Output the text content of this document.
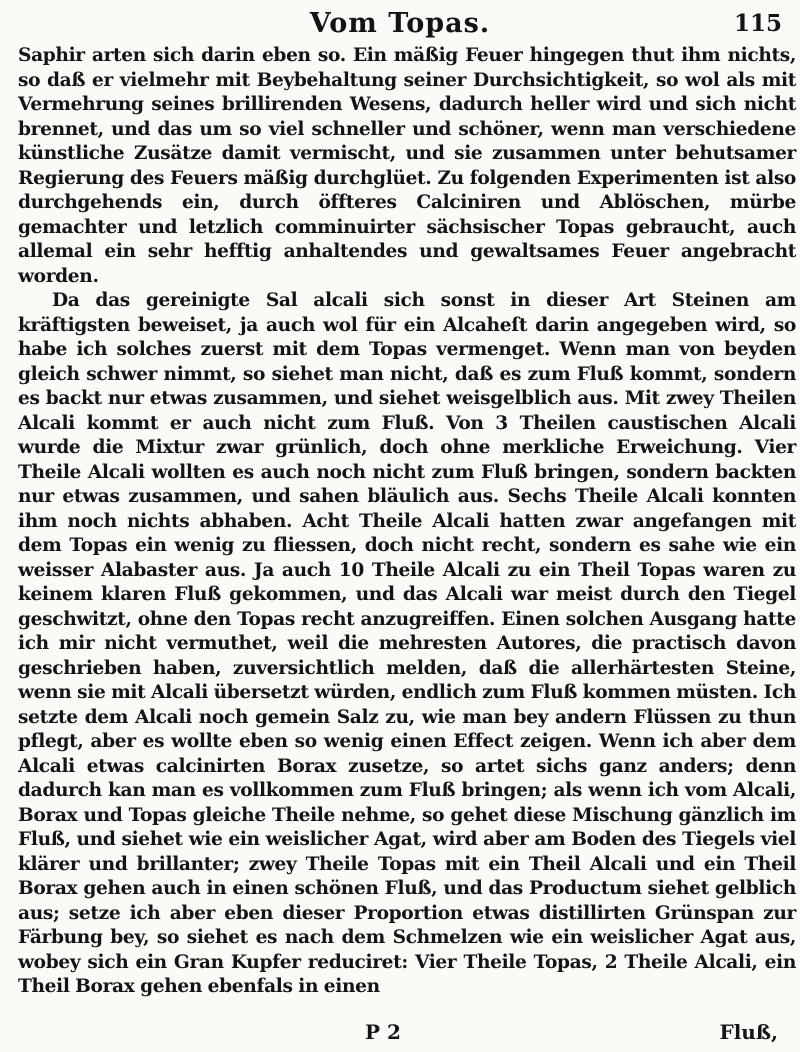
Vom Topas.	115

Saphir arten sich darin eben so. Ein mäßig Feuer hingegen thut ihm nichts, so daß er vielmehr mit Beybehaltung seiner Durchsichtigkeit, so wol als mit Vermehrung seines brillirenden Wesens, dadurch heller wird und sich nicht brennet, und das um so viel schneller und schöner, wenn man verschiedene künstliche Zusätze damit vermischt, und sie zusammen unter behutsamer Regierung des Feuers mäßig durchglüet. Zu folgenden Experimenten ist also durchgehends ein, durch öffteres Calciniren und Ablöschen, mürbe gemachter und letzlich comminuirter sächsischer Topas gebraucht, auch allemal ein sehr hefftig anhaltendes und gewaltsames Feuer angebracht worden.

Da das gereinigte Sal alcali sich sonst in dieser Art Steinen am kräftigsten beweiset, ja auch wol für ein Alcaheſt darin angegeben wird, so habe ich solches zuerst mit dem Topas vermenget. Wenn man von beyden gleich schwer nimmt, so siehet man nicht, daß es zum Fluß kommt, sondern es backt nur etwas zusammen, und siehet weisgelblich aus. Mit zwey Theilen Alcali kommt er auch nicht zum Fluß. Von 3 Theilen caustischen Alcali wurde die Mixtur zwar grünlich, doch ohne merkliche Erweichung. Vier Theile Alcali wollten es auch noch nicht zum Fluß bringen, sondern backten nur etwas zusammen, und sahen bläulich aus. Sechs Theile Alcali konnten ihm noch nichts abhaben. Acht Theile Alcali hatten zwar angefangen mit dem Topas ein wenig zu fliessen, doch nicht recht, sondern es sahe wie ein weisser Alabaster aus. Ja auch 10 Theile Alcali zu ein Theil Topas waren zu keinem klaren Fluß gekommen, und das Alcali war meist durch den Tiegel geschwitzt, ohne den Topas recht anzugreiffen. Einen solchen Ausgang hatte ich mir nicht vermuthet, weil die mehresten Autores, die practisch davon geschrieben haben, zuversichtlich melden, daß die allerhärtesten Steine, wenn sie mit Alcali übersetzt würden, endlich zum Fluß kommen müsten. Ich setzte dem Alcali noch gemein Salz zu, wie man bey andern Flüssen zu thun pflegt, aber es wollte eben so wenig einen Effect zeigen. Wenn ich aber dem Alcali etwas calcinirten Borax zusetze, so artet sichs ganz anders; denn dadurch kan man es vollkommen zum Fluß bringen; als wenn ich vom Alcali, Borax und Topas gleiche Theile nehme, so gehet diese Mischung gänzlich im Fluß, und siehet wie ein weislicher Agat, wird aber am Boden des Tiegels viel klärer und brillanter; zwey Theile Topas mit ein Theil Alcali und ein Theil Borax gehen auch in einen schönen Fluß, und das Productum siehet gelblich aus; setze ich aber eben dieser Proportion etwas distillirten Grünspan zur Färbung bey, so siehet es nach dem Schmelzen wie ein weislicher Agat aus, wobey sich ein Gran Kupfer reduciret: Vier Theile Topas, 2 Theile Alcali, ein Theil Borax gehen ebenfals in einen

P 2	Fluß,
